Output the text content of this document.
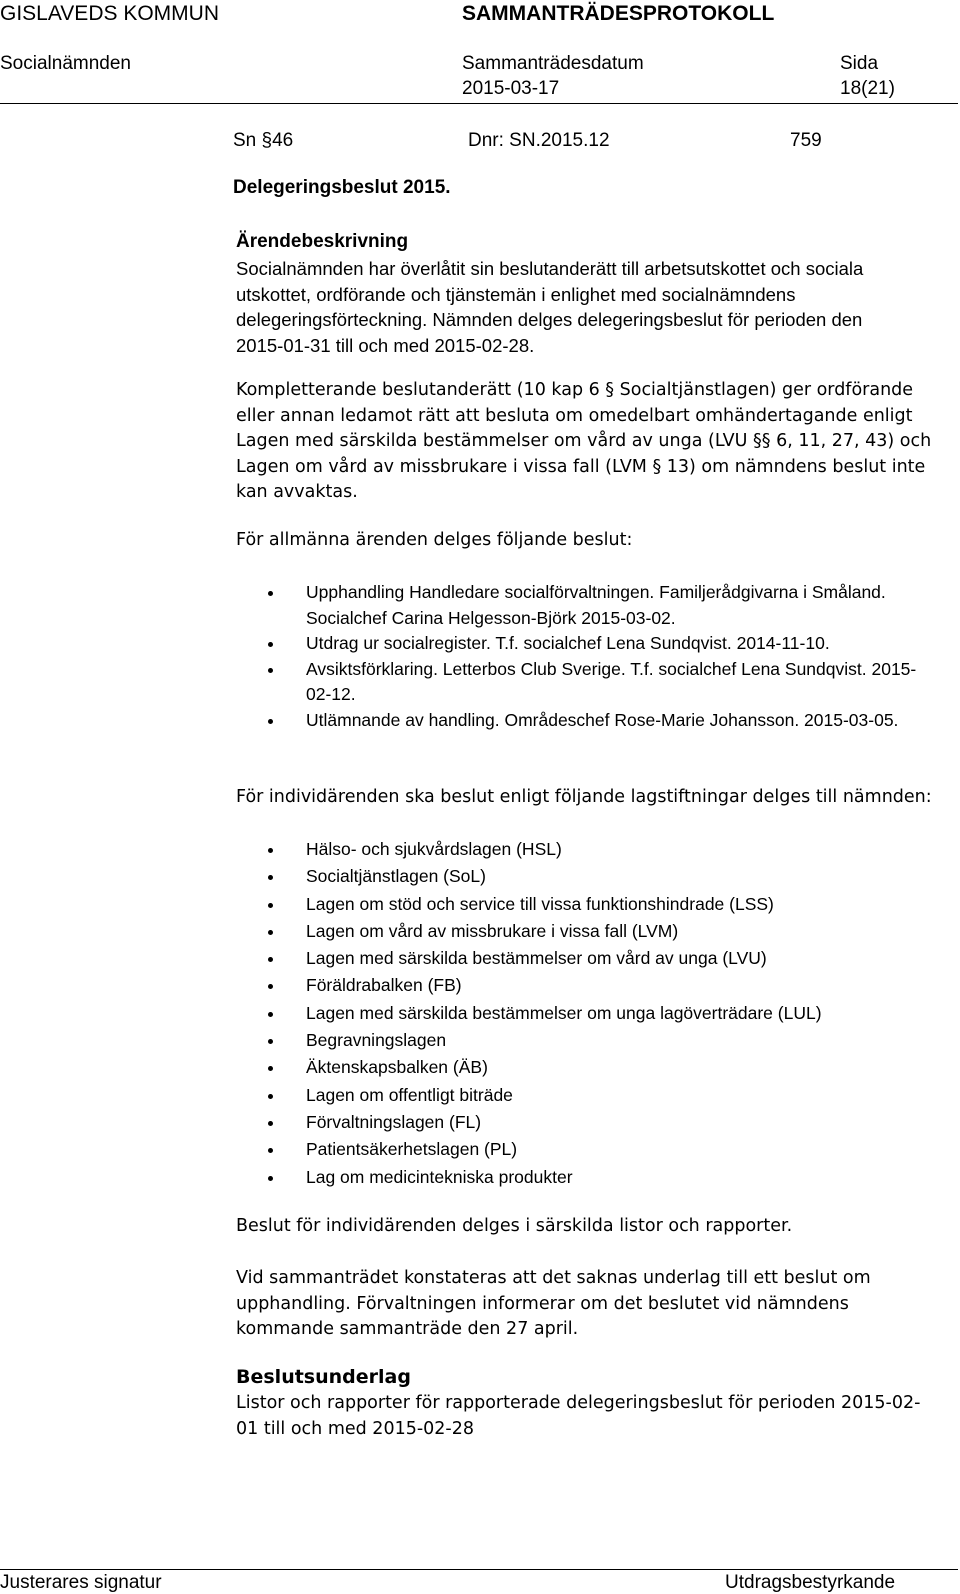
GISLAVEDS KOMMUN	SAMMANTRÄDESPROTOKOLL
Socialnämnden	Sammanträdesdatum	Sida
2015-03-17	18(21)
Sn §46	Dnr: SN.2015.12	759
Delegeringsbeslut 2015.
Ärendebeskrivning

Socialnämnden har överlåtit sin beslutanderätt till arbetsutskottet och sociala

utskottet, ordförande och tjänstemän i enlighet med socialnämndens

delegeringsförteckning. Nämnden delges delegeringsbeslut för perioden den

2015-01-31 till och med 2015-02-28.

Kompletterande beslutanderätt (10 kap 6 § Socialtjänstlagen) ger ordförande

eller annan ledamot rätt att besluta om omedelbart omhändertagande enligt

Lagen med särskilda bestämmelser om vård av unga (LVU §§ 6, 11, 27, 43) och

Lagen om vård av missbrukare i vissa fall (LVM § 13) om nämndens beslut inte

kan avvaktas.

För allmänna ärenden delges följande beslut:
Upphandling Handledare socialförvaltningen. Familjerådgivarna i Småland. Socialchef Carina Helgesson-Björk 2015-03-02.
Utdrag ur socialregister. T.f. socialchef Lena Sundqvist. 2014-11-10.
Avsiktsförklaring. Letterbos Club Sverige. T.f. socialchef Lena Sundqvist. 2015-02-12.
Utlämnande av handling. Områdeschef Rose-Marie Johansson. 2015-03-05.
För individärenden ska beslut enligt följande lagstiftningar delges till nämnden:
Hälso- och sjukvårdslagen (HSL)
Socialtjänstlagen (SoL)
Lagen om stöd och service till vissa funktionshindrade (LSS)
Lagen om vård av missbrukare i vissa fall (LVM)
Lagen med särskilda bestämmelser om vård av unga (LVU)
Föräldrabalken (FB)
Lagen med särskilda bestämmelser om unga lagöverträdare (LUL)
Begravningslagen
Äktenskapsbalken (ÄB)
Lagen om offentligt biträde
Förvaltningslagen (FL)
Patientsäkerhetslagen (PL)
Lag om medicintekniska produkter
Beslut för individärenden delges i särskilda listor och rapporter.

Vid sammanträdet konstateras att det saknas underlag till ett beslut om

upphandling. Förvaltningen informerar om det beslutet vid nämndens

kommande sammanträde den 27 april.

Beslutsunderlag

Listor och rapporter för rapporterade delegeringsbeslut för perioden 2015-02-

01 till och med 2015-02-28

Justerares signatur	Utdragsbestyrkande
